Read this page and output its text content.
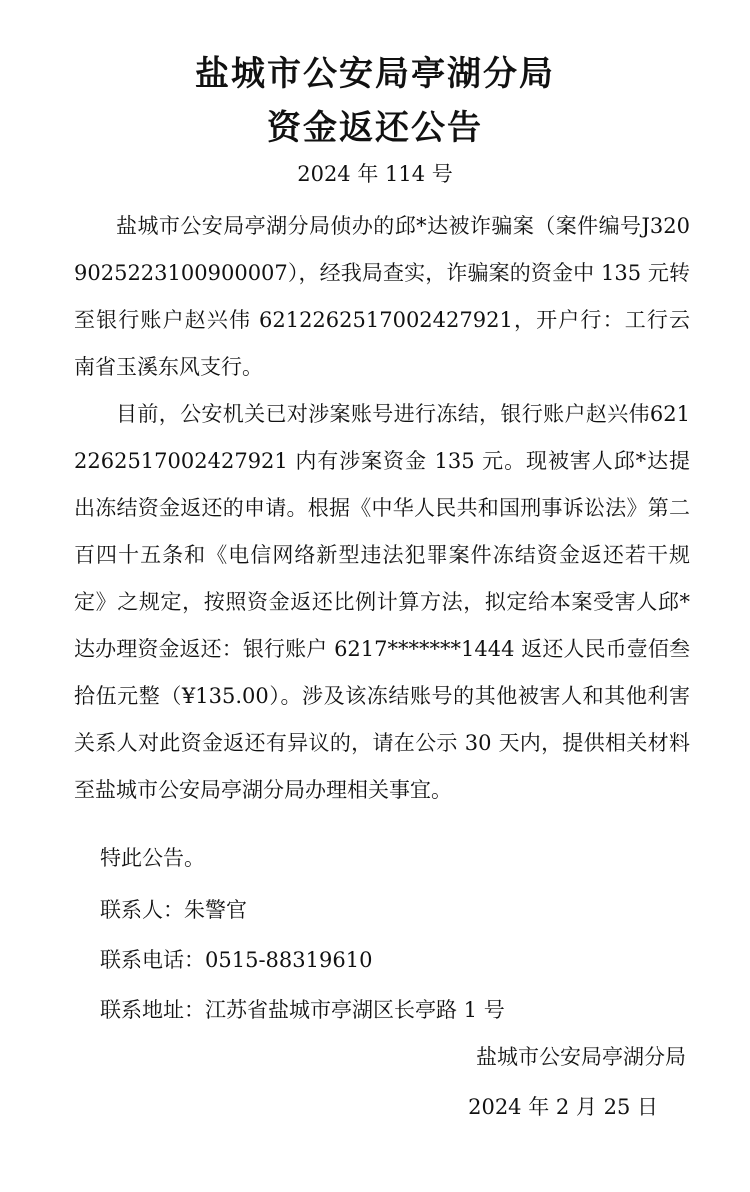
盐城市公安局亭湖分局
资金返还公告
2024 年 114 号
盐城市公安局亭湖分局侦办的邱*达被诈骗案（案件编号J3209025223100900007），经我局查实，诈骗案的资金中 135 元转至银行账户赵兴伟 6212262517002427921，开户行：工行云南省玉溪东风支行。
目前，公安机关已对涉案账号进行冻结，银行账户赵兴伟6212262517002427921 内有涉案资金 135 元。现被害人邱*达提出冻结资金返还的申请。根据《中华人民共和国刑事诉讼法》第二百四十五条和《电信网络新型违法犯罪案件冻结资金返还若干规定》之规定，按照资金返还比例计算方法，拟定给本案受害人邱*达办理资金返还：银行账户 6217*******1444 返还人民币壹佰叁拾伍元整（¥135.00）。涉及该冻结账号的其他被害人和其他利害关系人对此资金返还有异议的，请在公示 30 天内，提供相关材料至盐城市公安局亭湖分局办理相关事宜。
特此公告。
联系人：朱警官
联系电话：0515-88319610
联系地址：江苏省盐城市亭湖区长亭路 1 号
盐城市公安局亭湖分局
2024 年 2 月 25 日
